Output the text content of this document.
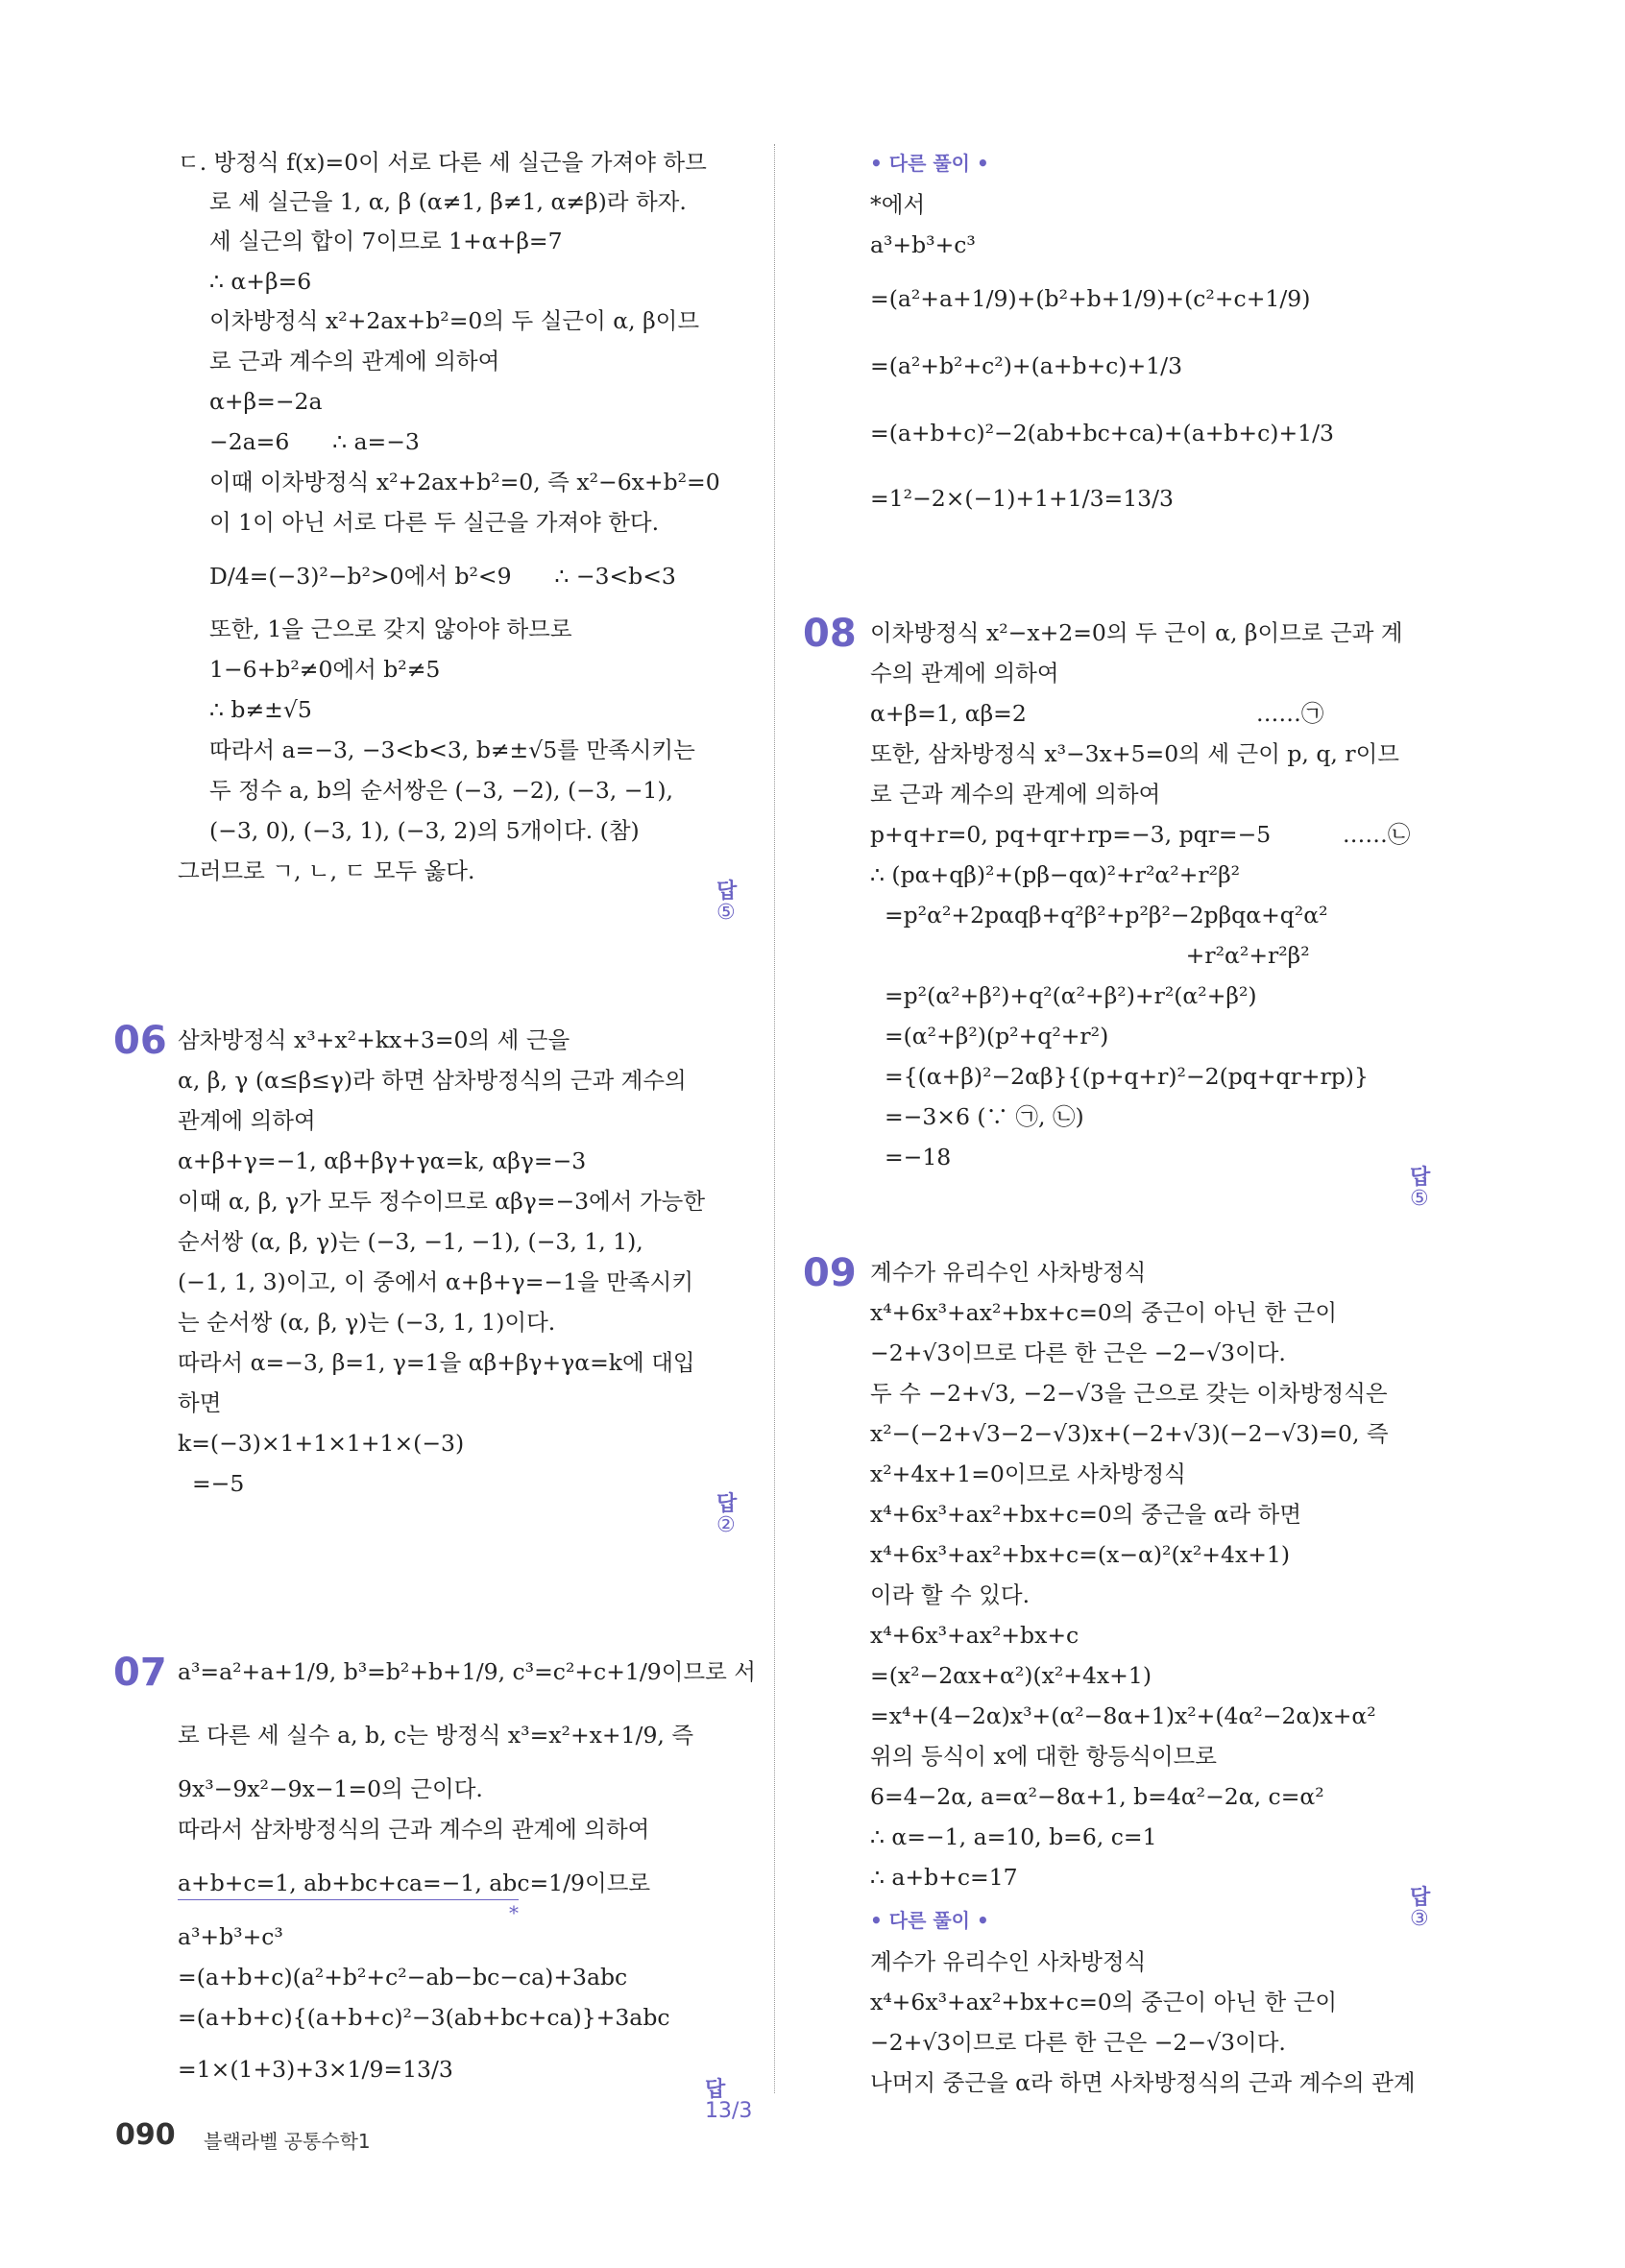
ㄷ. 방정식 f(x)=0이 서로 다른 세 실근을 가져야 하므
로 세 실근을 1, α, β (α≠1, β≠1, α≠β)라 하자.
세 실근의 합이 7이므로 1+α+β=7
∴ α+β=6
이차방정식 x²+2ax+b²=0의 두 실근이 α, β이므
로 근과 계수의 관계에 의하여
α+β=−2a
−2a=6      ∴ a=−3
이때 이차방정식 x²+2ax+b²=0, 즉 x²−6x+b²=0
이 1이 아닌 서로 다른 두 실근을 가져야 한다.
D/4=(−3)²−b²>0에서 b²<9      ∴ −3<b<3
또한, 1을 근으로 갖지 않아야 하므로
1−6+b²≠0에서 b²≠5
∴ b≠±√5
따라서 a=−3, −3<b<3, b≠±√5를 만족시키는
두 정수 a, b의 순서쌍은 (−3, −2), (−3, −1),
(−3, 0), (−3, 1), (−3, 2)의 5개이다. (참)
그러므로 ㄱ, ㄴ, ㄷ 모두 옳다.

답
⑤

06 삼차방정식 x³+x²+kx+3=0의 세 근을
α, β, γ (α≤β≤γ)라 하면 삼차방정식의 근과 계수의
관계에 의하여
α+β+γ=−1, αβ+βγ+γα=k, αβγ=−3
이때 α, β, γ가 모두 정수이므로 αβγ=−3에서 가능한
순서쌍 (α, β, γ)는 (−3, −1, −1), (−3, 1, 1),
(−1, 1, 3)이고, 이 중에서 α+β+γ=−1을 만족시키
는 순서쌍 (α, β, γ)는 (−3, 1, 1)이다.
따라서 α=−3, β=1, γ=1을 αβ+βγ+γα=k에 대입
하면
k=(−3)×1+1×1+1×(−3)
=−5

답
②

07 a³=a²+a+1/9, b³=b²+b+1/9, c³=c²+c+1/9이므로 서
로 다른 세 실수 a, b, c는 방정식 x³=x²+x+1/9, 즉
9x³−9x²−9x−1=0의 근이다.
따라서 삼차방정식의 근과 계수의 관계에 의하여
a+b+c=1, ab+bc+ca=−1, abc=1/9이므로
*
a³+b³+c³
=(a+b+c)(a²+b²+c²−ab−bc−ca)+3abc
=(a+b+c){(a+b+c)²−3(ab+bc+ca)}+3abc
=1×(1+3)+3×1/9=13/3

답
13/3

• 다른 풀이 •
*에서
a³+b³+c³
=(a²+a+1/9)+(b²+b+1/9)+(c²+c+1/9)
=(a²+b²+c²)+(a+b+c)+1/3
=(a+b+c)²−2(ab+bc+ca)+(a+b+c)+1/3
=1²−2×(−1)+1+1/3=13/3
08 이차방정식 x²−x+2=0의 두 근이 α, β이므로 근과 계
수의 관계에 의하여
α+β=1, αβ=2                                ……㉠
또한, 삼차방정식 x³−3x+5=0의 세 근이 p, q, r이므
로 근과 계수의 관계에 의하여
p+q+r=0, pq+qr+rp=−3, pqr=−5          ……㉡
∴ (pα+qβ)²+(pβ−qα)²+r²α²+r²β²
=p²α²+2pαqβ+q²β²+p²β²−2pβqα+q²α²
+r²α²+r²β²
=p²(α²+β²)+q²(α²+β²)+r²(α²+β²)
=(α²+β²)(p²+q²+r²)
={(α+β)²−2αβ}{(p+q+r)²−2(pq+qr+rp)}
=−3×6 (∵ ㉠, ㉡)
=−18

답
⑤

09 계수가 유리수인 사차방정식
x⁴+6x³+ax²+bx+c=0의 중근이 아닌 한 근이
−2+√3이므로 다른 한 근은 −2−√3이다.
두 수 −2+√3, −2−√3을 근으로 갖는 이차방정식은
x²−(−2+√3−2−√3)x+(−2+√3)(−2−√3)=0, 즉
x²+4x+1=0이므로 사차방정식
x⁴+6x³+ax²+bx+c=0의 중근을 α라 하면
x⁴+6x³+ax²+bx+c=(x−α)²(x²+4x+1)
이라 할 수 있다.
x⁴+6x³+ax²+bx+c
=(x²−2αx+α²)(x²+4x+1)
=x⁴+(4−2α)x³+(α²−8α+1)x²+(4α²−2α)x+α²
위의 등식이 x에 대한 항등식이므로
6=4−2α, a=α²−8α+1, b=4α²−2α, c=α²
∴ α=−1, a=10, b=6, c=1
∴ a+b+c=17

답
③

• 다른 풀이 •
계수가 유리수인 사차방정식
x⁴+6x³+ax²+bx+c=0의 중근이 아닌 한 근이
−2+√3이므로 다른 한 근은 −2−√3이다.
나머지 중근을 α라 하면 사차방정식의 근과 계수의 관계
090 블랙라벨 공통수학1
